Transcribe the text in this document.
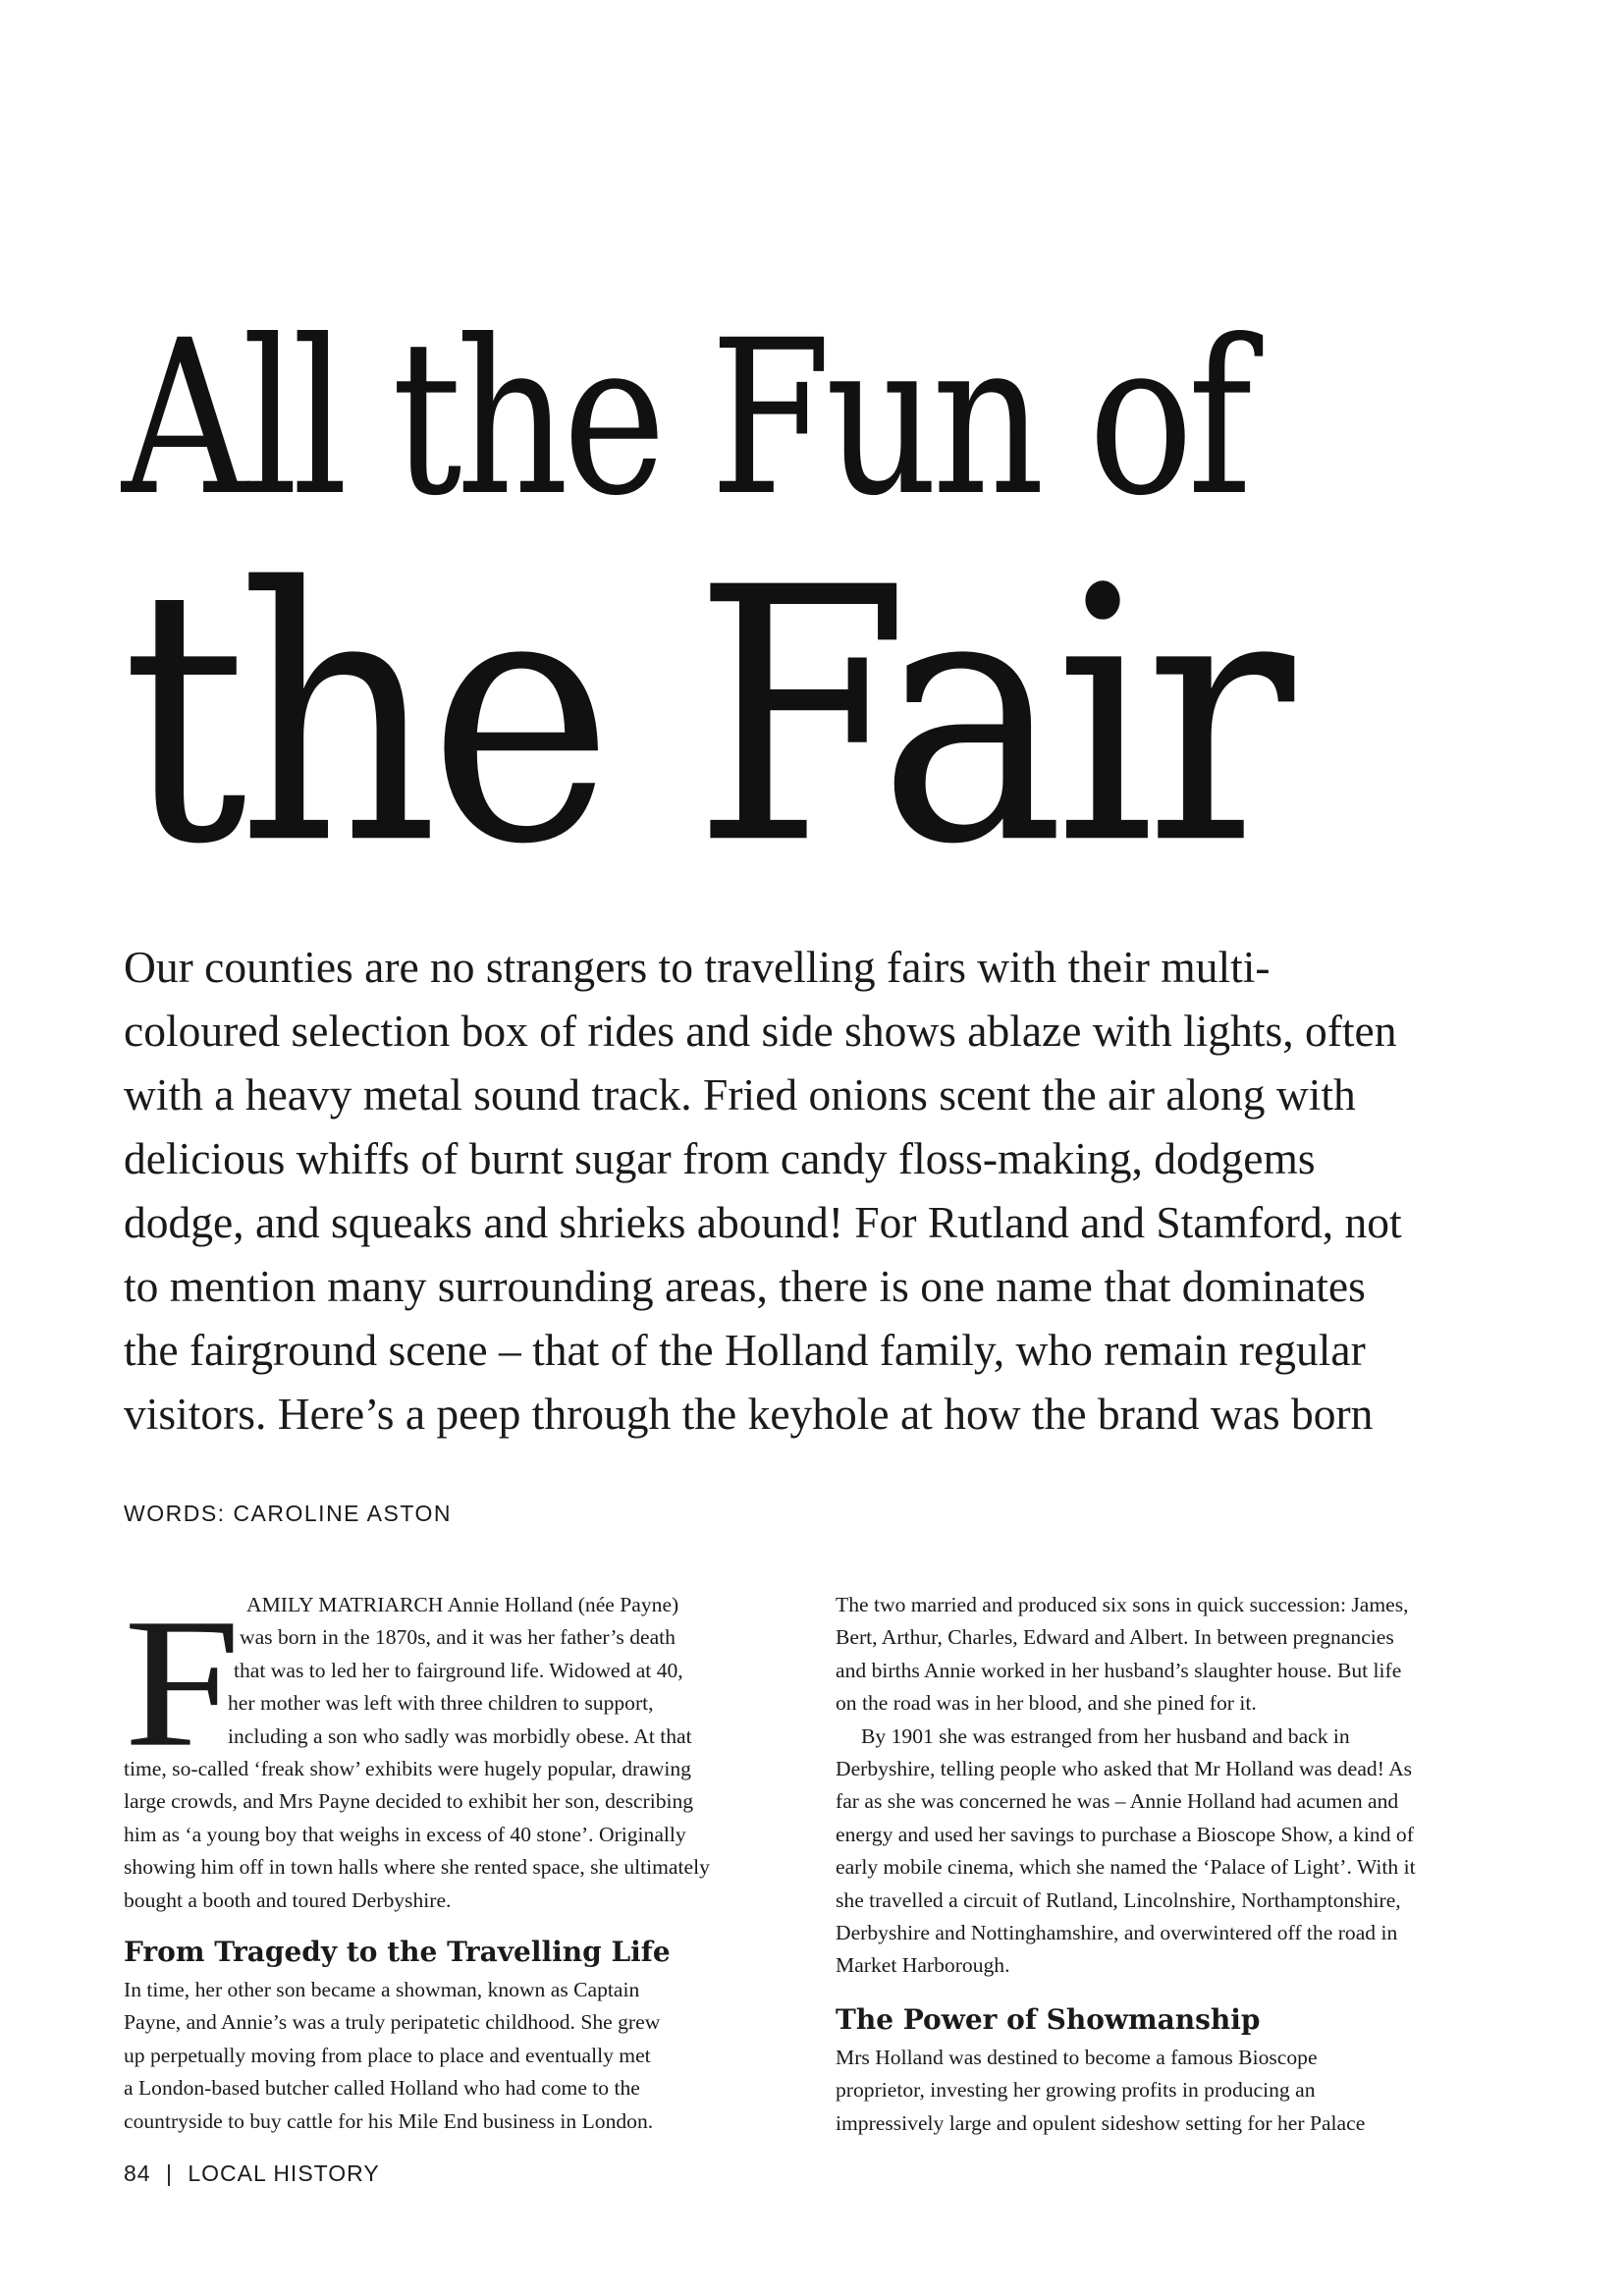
All the Fun of
the Fair

Our counties are no strangers to travelling fairs with their multi-
coloured selection box of rides and side shows ablaze with lights, often
with a heavy metal sound track. Fried onions scent the air along with
delicious whiffs of burnt sugar from candy floss-making, dodgems
dodge, and squeaks and shrieks abound! For Rutland and Stamford, not
to mention many surrounding areas, there is one name that dominates
the fairground scene – that of the Holland family, who remain regular
visitors. Here’s a peep through the keyhole at how the brand was born

WORDS: CAROLINE ASTON

F AMILY MATRIARCH Annie Holland (née Payne)
was born in the 1870s, and it was her father’s death
that was to led her to fairground life. Widowed at 40,
her mother was left with three children to support,
including a son who sadly was morbidly obese. At that
time, so-called ‘freak show’ exhibits were hugely popular, drawing
large crowds, and Mrs Payne decided to exhibit her son, describing
him as ‘a young boy that weighs in excess of 40 stone’. Originally
showing him off in town halls where she rented space, she ultimately
bought a booth and toured Derbyshire.
From Tragedy to the Travelling Life
In time, her other son became a showman, known as Captain
Payne, and Annie’s was a truly peripatetic childhood. She grew
up perpetually moving from place to place and eventually met
a London-based butcher called Holland who had come to the
countryside to buy cattle for his Mile End business in London.
The two married and produced six sons in quick succession: James,
Bert, Arthur, Charles, Edward and Albert. In between pregnancies
and births Annie worked in her husband’s slaughter house. But life
on the road was in her blood, and she pined for it.
By 1901 she was estranged from her husband and back in
Derbyshire, telling people who asked that Mr Holland was dead! As
far as she was concerned he was – Annie Holland had acumen and
energy and used her savings to purchase a Bioscope Show, a kind of
early mobile cinema, which she named the ‘Palace of Light’. With it
she travelled a circuit of Rutland, Lincolnshire, Northamptonshire,
Derbyshire and Nottinghamshire, and overwintered off the road in
Market Harborough.
The Power of Showmanship
Mrs Holland was destined to become a famous Bioscope
proprietor, investing her growing profits in producing an
impressively large and opulent sideshow setting for her Palace

84 | LOCAL HISTORY
